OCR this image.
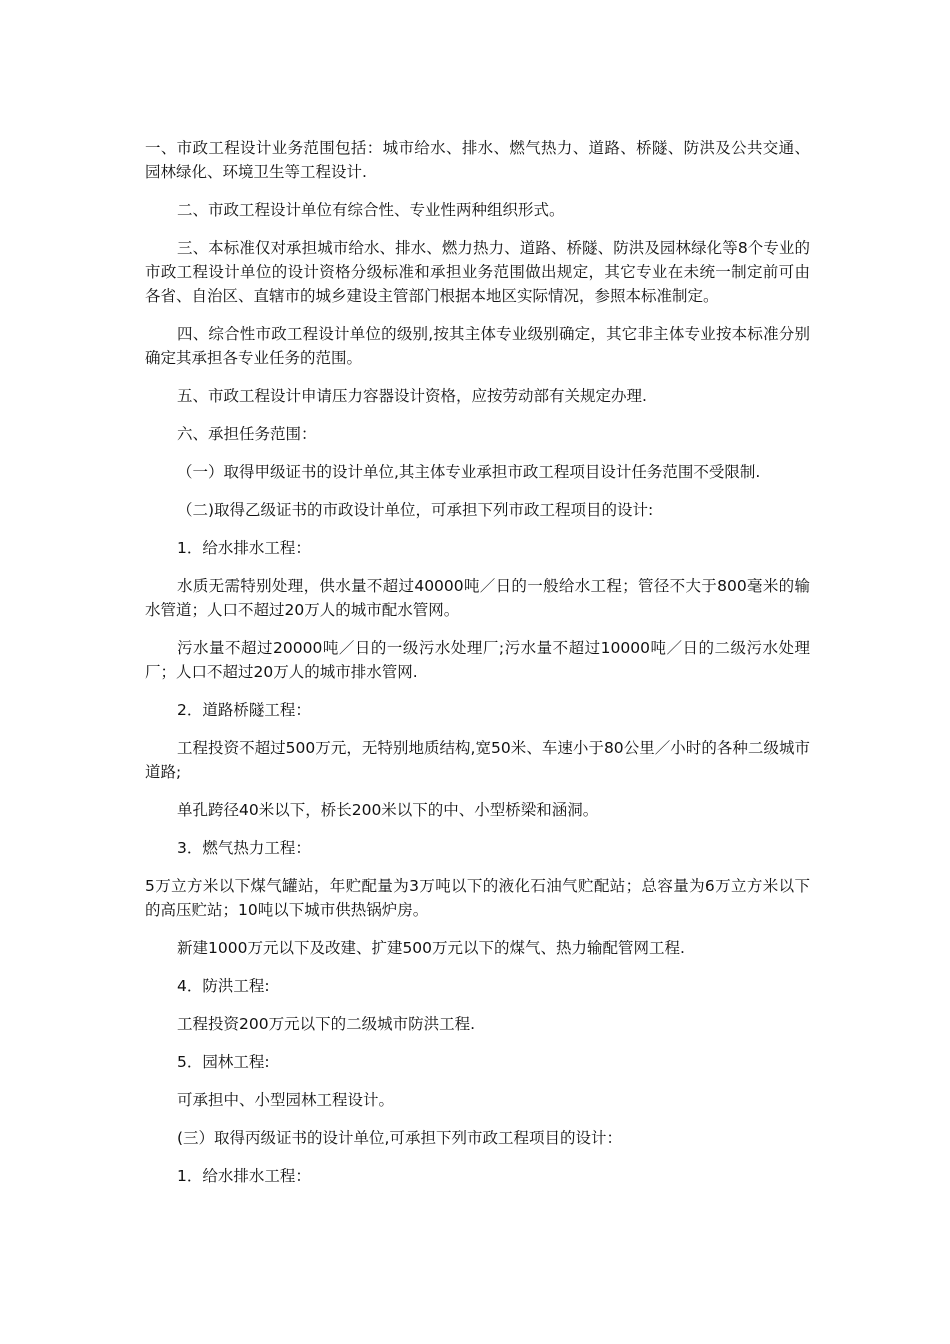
一、市政工程设计业务范围包括：城市给水、排水、燃气热力、道路、桥隧、防洪及公共交通、园林绿化、环境卫生等工程设计.

二、市政工程设计单位有综合性、专业性两种组织形式。

三、本标准仅对承担城市给水、排水、燃力热力、道路、桥隧、防洪及园林绿化等8个专业的市政工程设计单位的设计资格分级标准和承担业务范围做出规定，其它专业在未统一制定前可由各省、自治区、直辖市的城乡建设主管部门根据本地区实际情况，参照本标准制定。

四、综合性市政工程设计单位的级别,按其主体专业级别确定，其它非主体专业按本标准分别确定其承担各专业任务的范围。

五、市政工程设计申请压力容器设计资格，应按劳动部有关规定办理.

六、承担任务范围：

（一）取得甲级证书的设计单位,其主体专业承担市政工程项目设计任务范围不受限制.

（二)取得乙级证书的市政设计单位，可承担下列市政工程项目的设计:

1．给水排水工程：

水质无需特别处理，供水量不超过40000吨／日的一般给水工程；管径不大于800毫米的输水管道；人口不超过20万人的城市配水管网。

污水量不超过20000吨／日的一级污水处理厂;污水量不超过10000吨／日的二级污水处理厂；人口不超过20万人的城市排水管网.

2．道路桥隧工程：

工程投资不超过500万元，无特别地质结构,宽50米、车速小于80公里／小时的各种二级城市道路;

单孔跨径40米以下，桥长200米以下的中、小型桥梁和涵洞。

3．燃气热力工程：

5万立方米以下煤气罐站，年贮配量为3万吨以下的液化石油气贮配站；总容量为6万立方米以下的高压贮站；10吨以下城市供热锅炉房。

新建1000万元以下及改建、扩建500万元以下的煤气、热力输配管网工程.

4．防洪工程:

工程投资200万元以下的二级城市防洪工程.

5．园林工程:

可承担中、小型园林工程设计。

(三）取得丙级证书的设计单位,可承担下列市政工程项目的设计：

1．给水排水工程：
